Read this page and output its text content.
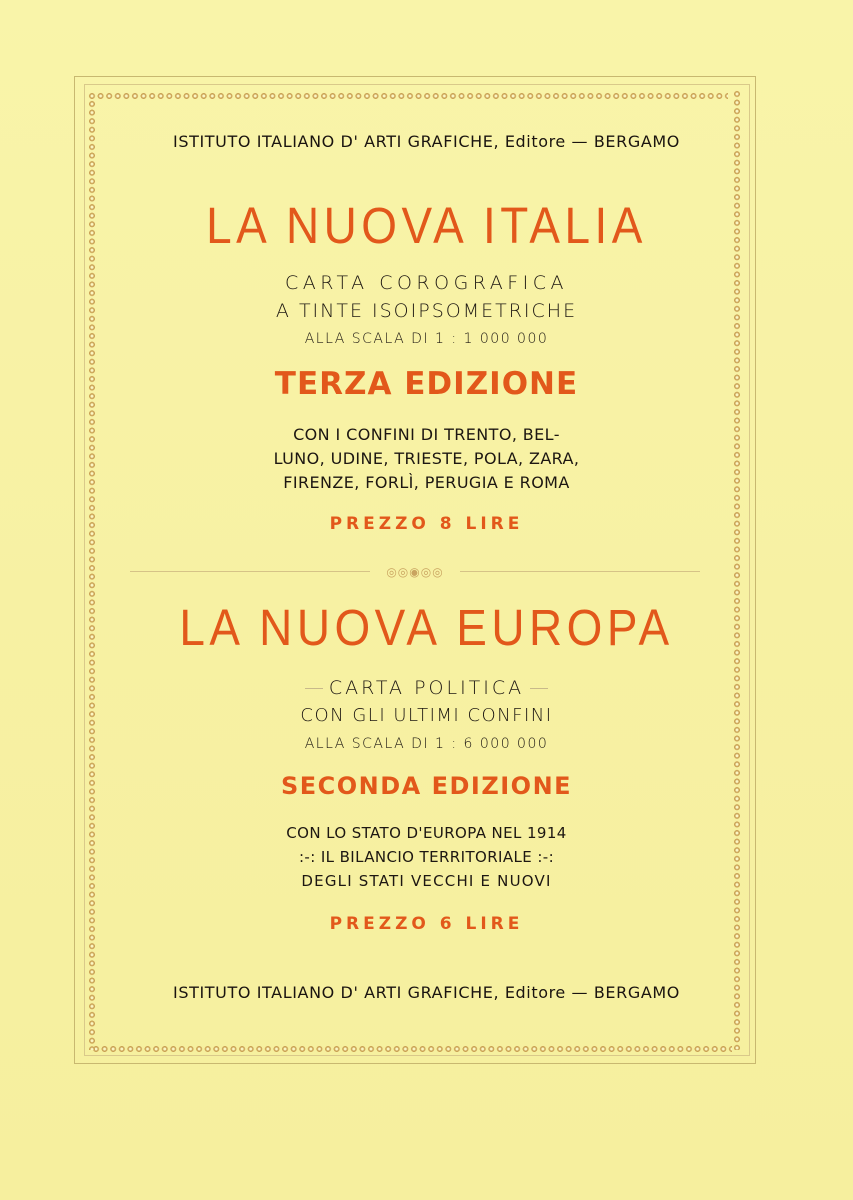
ISTITUTO ITALIANO D' ARTI GRAFICHE, Editore — BERGAMO
LA NUOVA ITALIA
CARTA COROGRAFICA
A TINTE ISOIPSOMETRICHE
ALLA SCALA DI 1 : 1 000 000
TERZA EDIZIONE
CON I CONFINI DI TRENTO, BEL-
LUNO, UDINE, TRIESTE, POLA, ZARA,
FIRENZE, FORLÌ, PERUGIA E ROMA
PREZZO 8 LIRE
◎◎◉◎◎
LA NUOVA EUROPA
CARTA POLITICA
CON GLI ULTIMI CONFINI
ALLA SCALA DI 1 : 6 000 000
SECONDA EDIZIONE
CON LO STATO D'EUROPA NEL 1914
:-: IL BILANCIO TERRITORIALE :-:
DEGLI STATI VECCHI E NUOVI
PREZZO 6 LIRE
ISTITUTO ITALIANO D' ARTI GRAFICHE, Editore — BERGAMO
